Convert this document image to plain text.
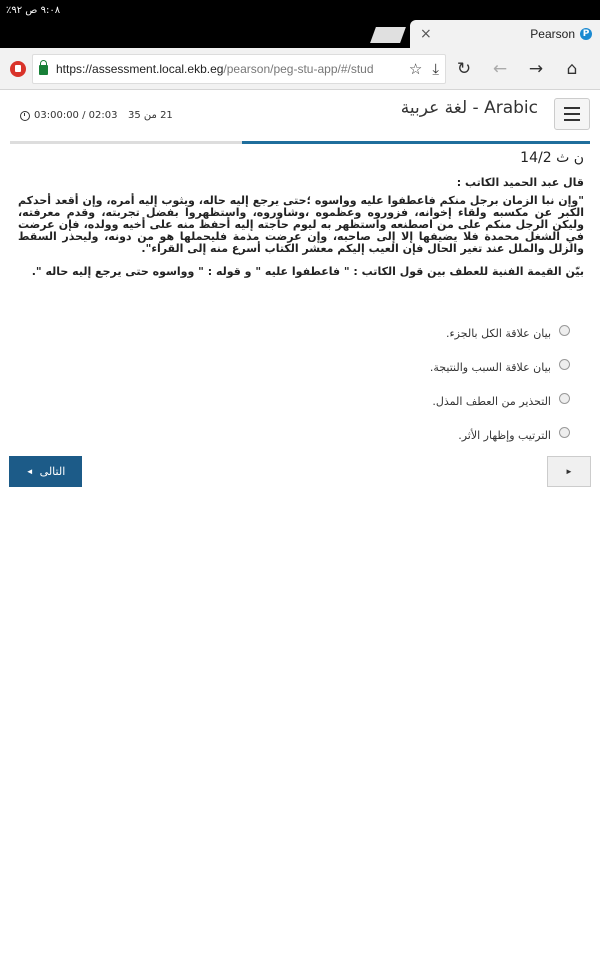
٩:٠٨ ص ٩٢٪
×	Pearson P
https://assessment.local.ekb.eg/pearson/peg-stu-app/#/stud ☆ ⤓	↻	←	→	⌂
03:00:00 / 02:03 21 من 35	Arabic - لغة عربية
ن ث 14/2
قال عبد الحميد الكاتب :
"وإن نبا الزمان برجل منكم فاعطفوا عليه وواسوه ؛حتى يرجع إليه حاله، ويثوب إليه أمره، وإن أقعد أحدكم الكبر عن مكسبه ولقاء إخوانه، فزوروه وعظموه ،وشاوروه، واستظهروا بفضل تجربته، وقدم معرفته، وليكن الرجل منكم على من اصطنعه واستظهر به ليوم حاجته إليه أحفظ منه على أخيه وولده، فإن عرضت في الشغل محمدة فلا يضيفها إلا إلى صاحبه، وإن عرضت مذمة فليحملها هو من دونه، وليحذر السقط والزلل والملل عند تغير الحال فإن العيب إليكم معشر الكتاب أسرع منه إلى القراء".
بيّن القيمة الفنية للعطف بين قول الكاتب : " فاعطفوا عليه " و قوله : " وواسوه حتى يرجع إليه حاله ".
بيان علاقة الكل بالجزء.
بيان علاقة السبب والنتيجة.
التحذير من العطف المذل.
الترتيب وإظهار الأثر.
التالى
◄	►
